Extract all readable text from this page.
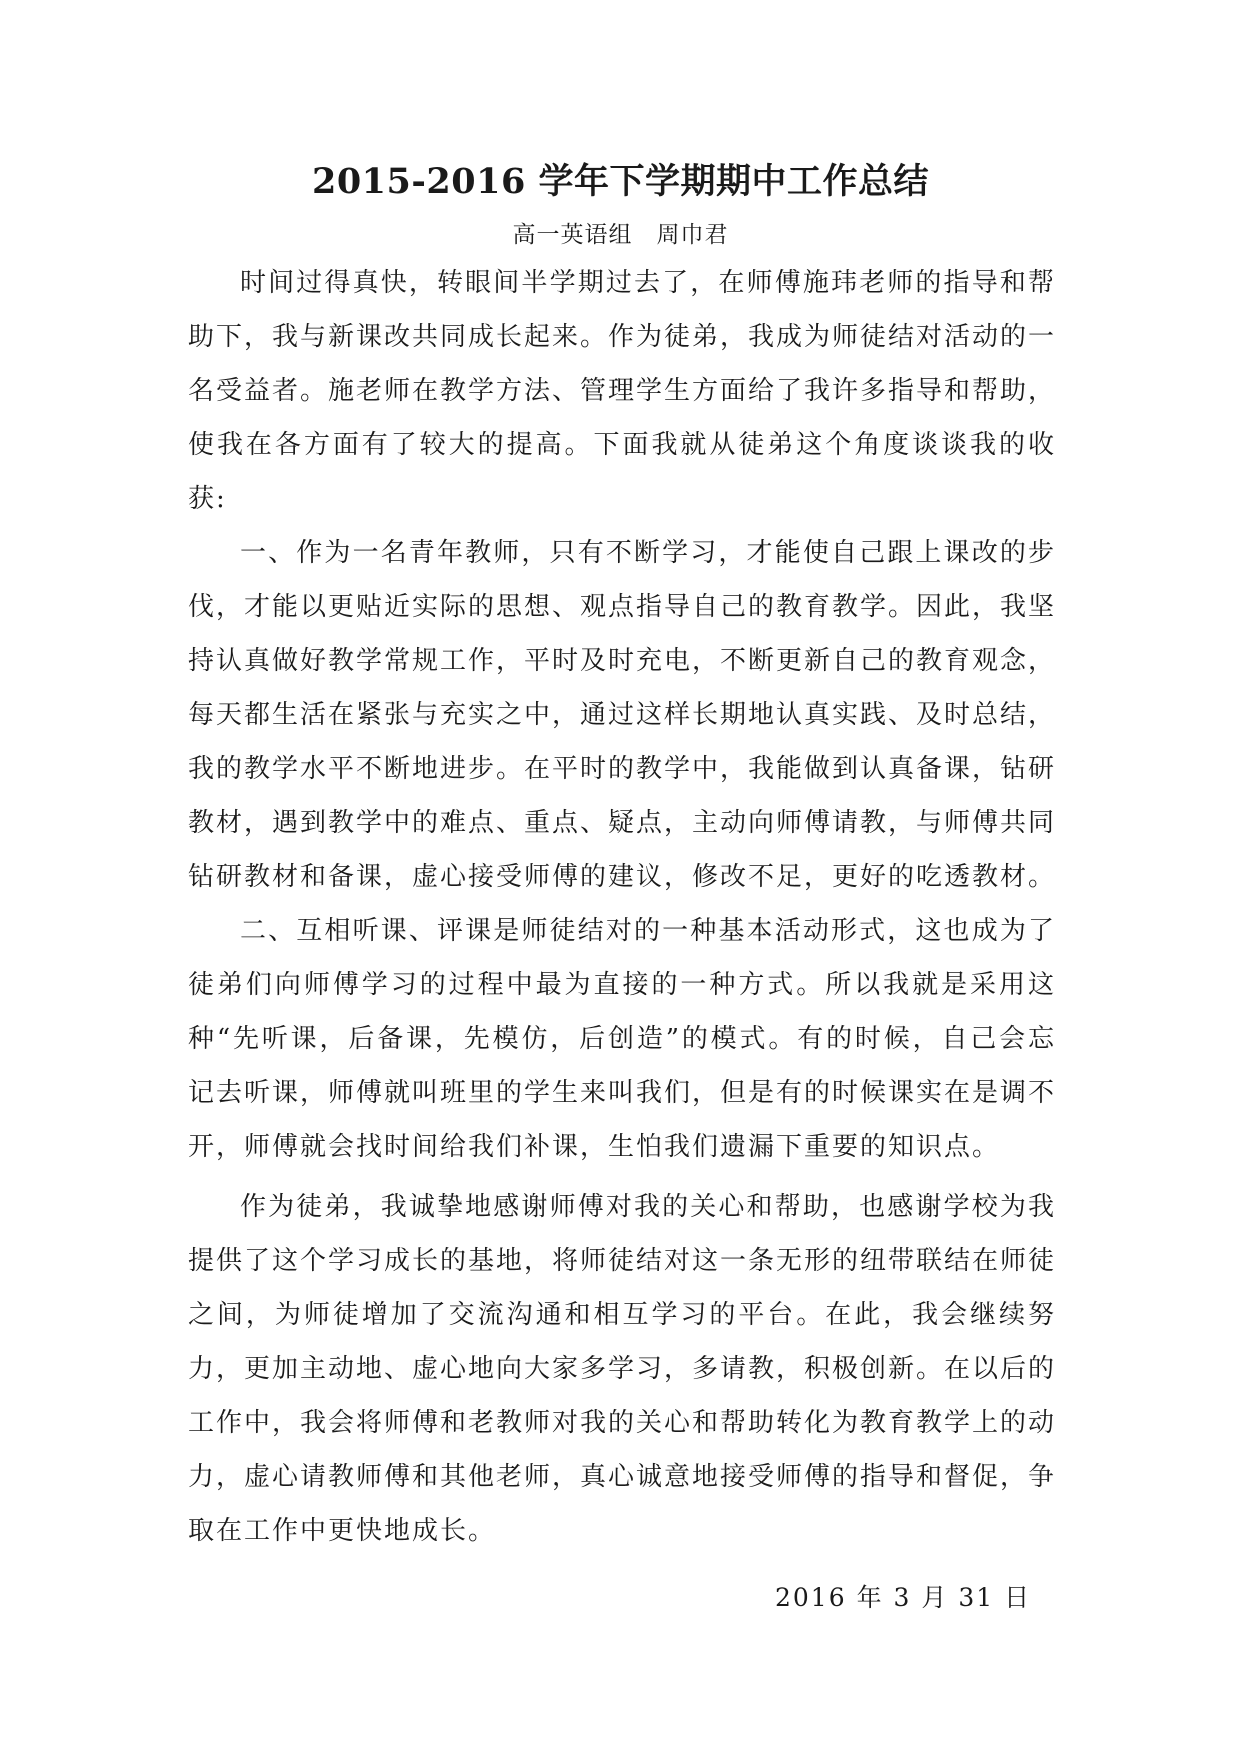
2015-2016 学年下学期期中工作总结

高一英语组　周巾君

时间过得真快，转眼间半学期过去了，在师傅施玮老师的指导和帮助下，我与新课改共同成长起来。作为徒弟，我成为师徒结对活动的一名受益者。施老师在教学方法、管理学生方面给了我许多指导和帮助，使我在各方面有了较大的提高。下面我就从徒弟这个角度谈谈我的收获:

一、作为一名青年教师，只有不断学习，才能使自己跟上课改的步伐，才能以更贴近实际的思想、观点指导自己的教育教学。因此，我坚持认真做好教学常规工作，平时及时充电，不断更新自己的教育观念，每天都生活在紧张与充实之中，通过这样长期地认真实践、及时总结，我的教学水平不断地进步。在平时的教学中，我能做到认真备课，钻研教材，遇到教学中的难点、重点、疑点，主动向师傅请教，与师傅共同钻研教材和备课，虚心接受师傅的建议，修改不足，更好的吃透教材。

二、互相听课、评课是师徒结对的一种基本活动形式，这也成为了徒弟们向师傅学习的过程中最为直接的一种方式。所以我就是采用这种“先听课，后备课，先模仿，后创造”的模式。有的时候，自己会忘记去听课，师傅就叫班里的学生来叫我们，但是有的时候课实在是调不开，师傅就会找时间给我们补课，生怕我们遗漏下重要的知识点。

作为徒弟，我诚挚地感谢师傅对我的关心和帮助，也感谢学校为我提供了这个学习成长的基地，将师徒结对这一条无形的纽带联结在师徒之间，为师徒增加了交流沟通和相互学习的平台。在此，我会继续努力，更加主动地、虚心地向大家多学习，多请教，积极创新。在以后的工作中，我会将师傅和老教师对我的关心和帮助转化为教育教学上的动力，虚心请教师傅和其他老师，真心诚意地接受师傅的指导和督促，争取在工作中更快地成长。

2016 年 3 月 31 日
